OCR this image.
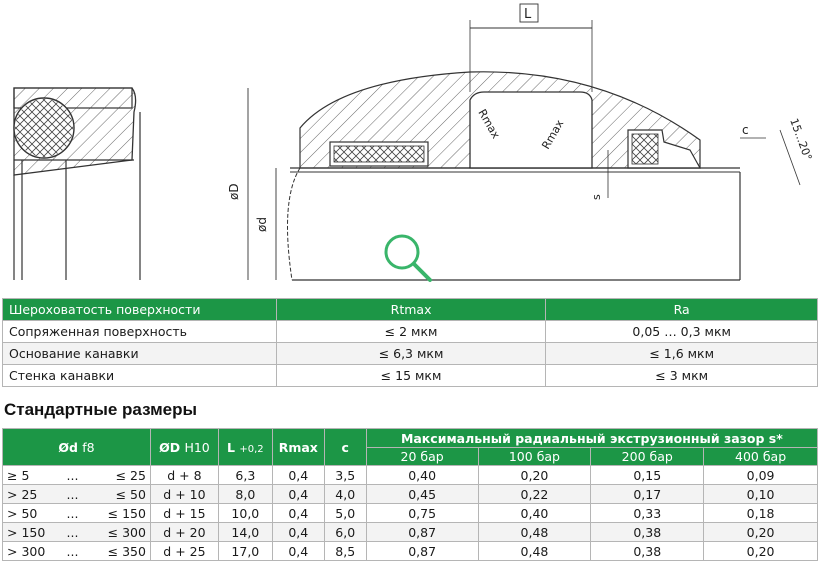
L
øD
ød
Rmax	Rmax	c
s
15...20°
Шероховатость поверхности	Rtmax	Ra
Сопряженная поверхность	≤ 2 мкм	0,05 … 0,3 мкм
Основание канавки	≤ 6,3 мкм	≤ 1,6 мкм
Стенка канавки	≤ 15 мкм	≤ 3 мкм
Стандартные размеры
Ød f8	ØD H10	L +0,2	Rmax	c	Максимальный радиальный экструзионный зазор s*			
					20 бар	100 бар	200 бар	400 бар

≥ 5 ... ≤ 25	d + 8	6,3	0,4	3,5	0,40	0,20	0,15	0,09

> 25 ... ≤ 50	d + 10	8,0	0,4	4,0	0,45	0,22	0,17	0,10

> 50 ... ≤ 150	d + 15	10,0	0,4	5,0	0,75	0,40	0,33	0,18

> 150 ... ≤ 300	d + 20	14,0	0,4	6,0	0,87	0,48	0,38	0,20

> 300 ... ≤ 350	d + 25	17,0	0,4	8,5	0,87	0,48	0,38	0,20
